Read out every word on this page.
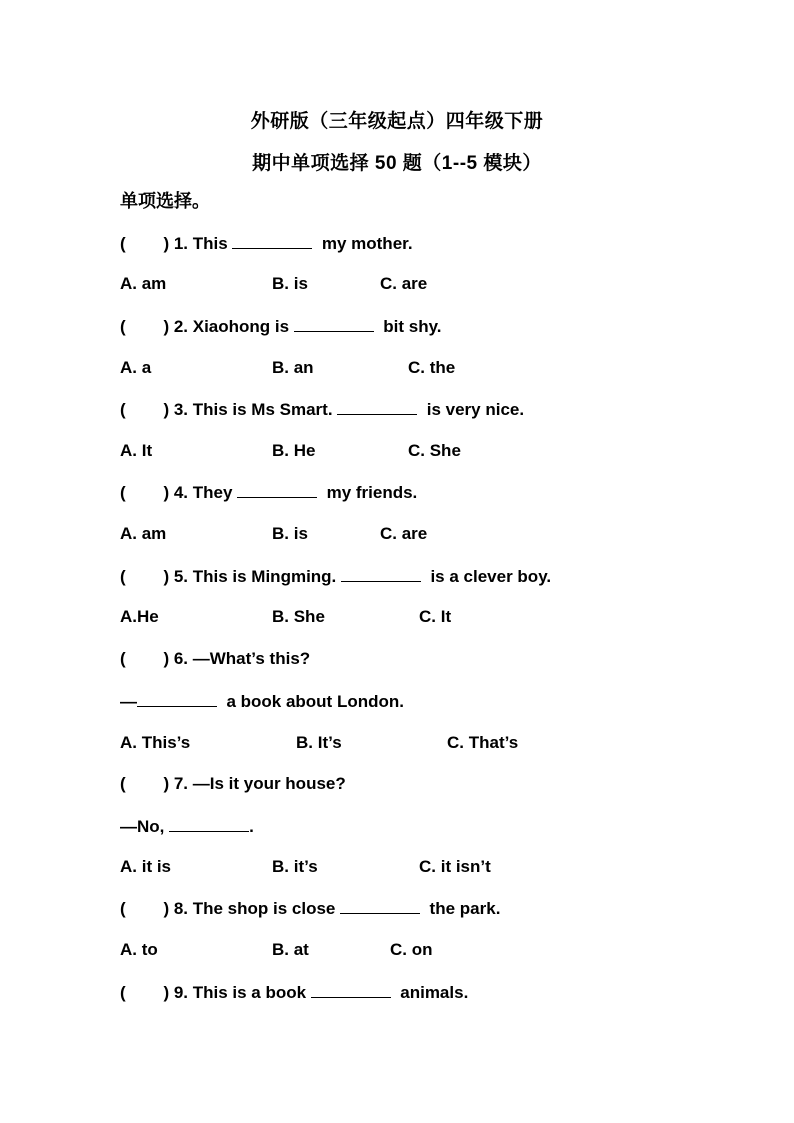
外研版（三年级起点）四年级下册
期中单项选择 50 题（1--5 模块）
单项选择。
(        ) 1. This	my mother.
A. am	B. is	C. are
(        ) 2. Xiaohong is	bit shy.
A. a	B. an	C. the
(        ) 3. This is Ms Smart.	is very nice.
A. It	B. He	C. She
(        ) 4. They	my friends.
A. am	B. is	C. are
(        ) 5. This is Mingming.	is a clever boy.
A.He	B. She	C. It
(        ) 6. —What’s this?
—	a book about London.
A. This’s	B. It’s	C. That’s
(        ) 7. —Is it your house?
—No,	.
A. it is	B. it’s	C. it isn’t
(        ) 8. The shop is close	the park.
A. to	B. at	C. on
(        ) 9. This is a book	animals.
